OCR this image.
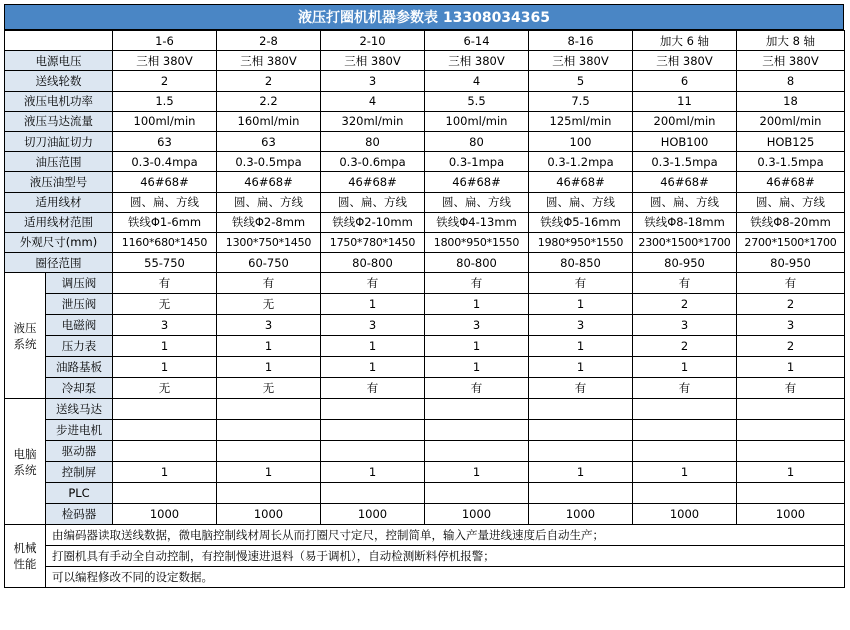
液压打圈机机器参数表 13308034365
		1-6	2-8	2-10	6-14	8-16	加大 6 轴	加大 8 轴
电源电压		三相 380V	三相 380V	三相 380V	三相 380V	三相 380V	三相 380V	三相 380V
送线轮数		2	2	3	4	5	6	8
液压电机功率		1.5	2.2	4	5.5	7.5	11	18
液压马达流量		100ml/min	160ml/min	320ml/min	100ml/min	125ml/min	200ml/min	200ml/min
切刀油缸切力		63	63	80	80	100	HOB100	HOB125
油压范围		0.3-0.4mpa	0.3-0.5mpa	0.3-0.6mpa	0.3-1mpa	0.3-1.2mpa	0.3-1.5mpa	0.3-1.5mpa
液压油型号		46#68#	46#68#	46#68#	46#68#	46#68#	46#68#	46#68#
适用线材		圆、扁、方线	圆、扁、方线	圆、扁、方线	圆、扁、方线	圆、扁、方线	圆、扁、方线	圆、扁、方线
适用线材范围		铁线Φ1-6mm	铁线Φ2-8mm	铁线Φ2-10mm	铁线Φ4-13mm	铁线Φ5-16mm	铁线Φ8-18mm	铁线Φ8-20mm
外观尺寸(mm)		1160*680*1450	1300*750*1450	1750*780*1450	1800*950*1550	1980*950*1550	2300*1500*1700	2700*1500*1700
圈径范围		55-750	60-750	80-800	80-800	80-850	80-950	80-950

液压
系统	调压阀	有	有	有	有	有	有	有
	泄压阀	无	无	1	1	1	2	2
	电磁阀	3	3	3	3	3	3	3
	压力表	1	1	1	1	1	2	2
	油路基板	1	1	1	1	1	1	1
	冷却泵	无	无	有	有	有	有	有

电脑
系统	送线马达							
	步进电机							
	驱动器							
	控制屏	1	1	1	1	1	1	1
	PLC							
	检码器	1000	1000	1000	1000	1000	1000	1000

机械
性能	由编码器读取送线数据，微电脑控制线材周长从而打圈尺寸定尺，控制简单，输入产量进线速度后自动生产；							
	打圈机具有手动全自动控制，有控制慢速进退料（易于调机），自动检测断料停机报警；							
	可以编程修改不同的设定数据。							
